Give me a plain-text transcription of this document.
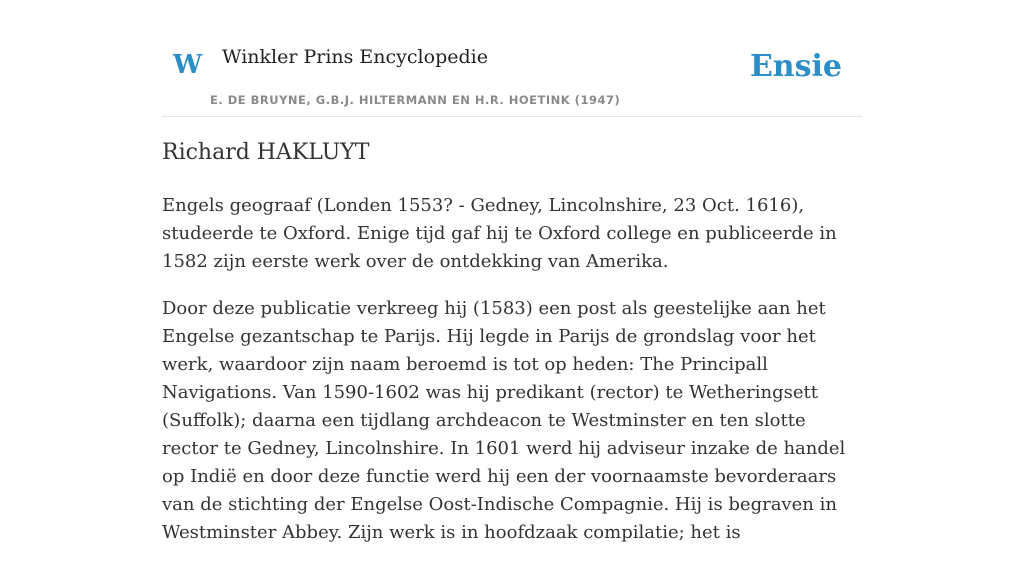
W Winkler Prins Encyclopedie
E. DE BRUYNE, G.B.J. HILTERMANN EN H.R. HOETINK (1947)
Ensie
Richard HAKLUYT

Engels geograaf (Londen 1553? - Gedney, Lincolnshire, 23 Oct. 1616), studeerde te Oxford. Enige tijd gaf hij te Oxford college en publiceerde in 1582 zijn eerste werk over de ontdekking van Amerika.

Door deze publicatie verkreeg hij (1583) een post als geestelijke aan het Engelse gezantschap te Parijs. Hij legde in Parijs de grondslag voor het werk, waardoor zijn naam beroemd is tot op heden: The Principall Navigations. Van 1590-1602 was hij predikant (rector) te Wetheringsett (Suffolk); daarna een tijdlang archdeacon te Westminster en ten slotte rector te Gedney, Lincolnshire. In 1601 werd hij adviseur inzake de handel op Indië en door deze functie werd hij een der voornaamste bevorderaars van de stichting der Engelse Oost-Indische Compagnie. Hij is begraven in Westminster Abbey. Zijn werk is in hoofdzaak compilatie; het is
